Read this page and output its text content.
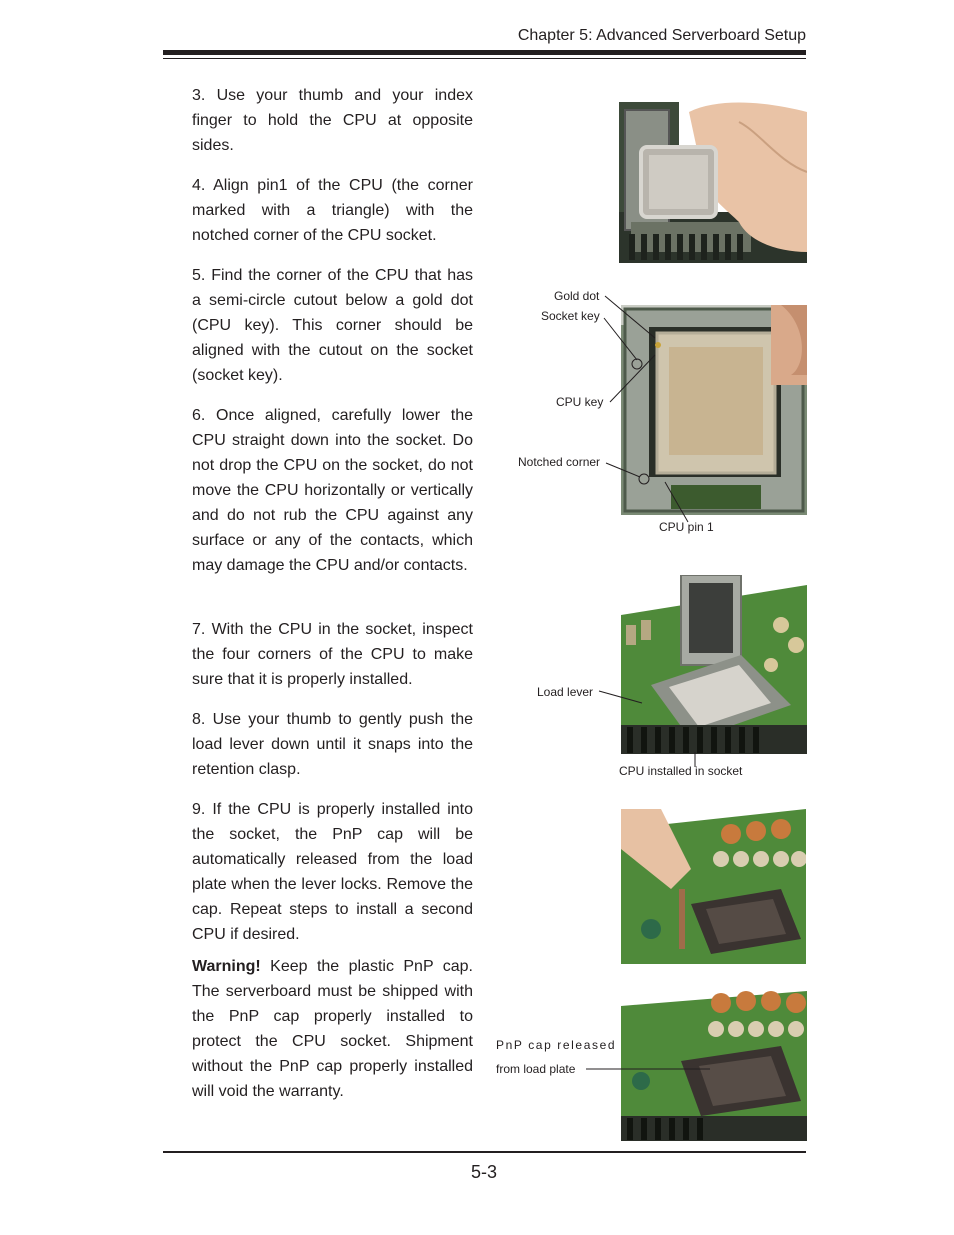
Chapter 5: Advanced Serverboard Setup

3. Use your thumb and your index finger to hold the CPU at opposite sides.

4. Align pin1 of the CPU (the corner marked with a triangle) with the notched corner of the CPU socket.

5. Find the corner of the CPU that has a semi-circle cutout below a gold dot (CPU key). This corner should be aligned with the cutout on the socket (socket key).

6. Once aligned, carefully lower the CPU straight down into the socket. Do not drop the CPU on the socket, do not move the CPU horizontally or vertically and do not rub the CPU against any surface or any of the contacts, which may damage the CPU and/or contacts.

7. With the CPU in the socket, inspect the four corners of the CPU to make sure that it is properly installed.

8. Use your thumb to gently push the load lever down until it snaps into the retention clasp.

9. If the CPU is properly installed into the socket, the PnP cap will be automatically released from the load plate when the lever locks. Remove the cap. Repeat steps to install a second CPU if desired.

Warning! Keep the plastic PnP cap. The serverboard must be shipped with the PnP cap properly installed to protect the CPU socket. Shipment without the PnP cap properly installed will void the warranty.

Gold dot
Socket key
CPU key
Notched corner
CPU pin 1
Load lever
CPU installed in socket
PnP cap released
from load plate
5-3
